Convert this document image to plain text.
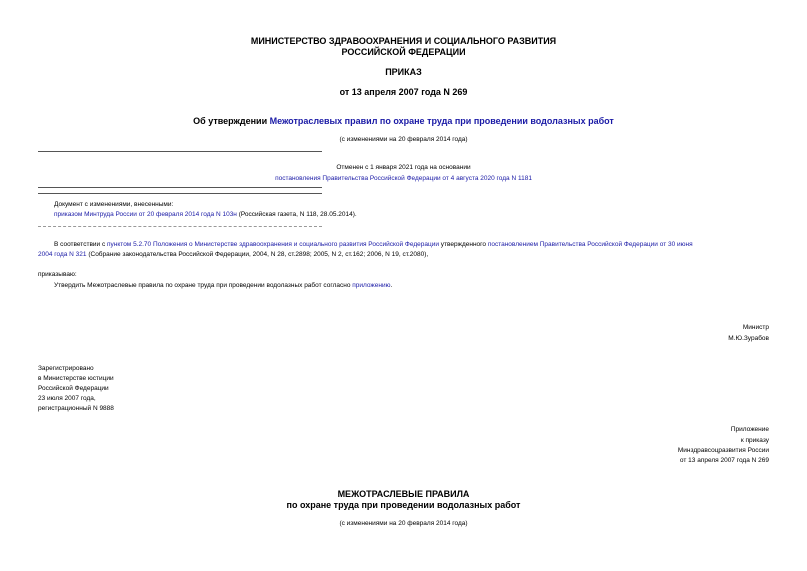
МИНИСТЕРСТВО ЗДРАВООХРАНЕНИЯ И СОЦИАЛЬНОГО РАЗВИТИЯ
РОССИЙСКОЙ ФЕДЕРАЦИИ
ПРИКАЗ
от 13 апреля 2007 года N 269
Об утверждении Межотраслевых правил по охране труда при проведении водолазных работ
(с изменениями на 20 февраля 2014 года)
Отменен с 1 января 2021 года на основании
постановления Правительства Российской Федерации от 4 августа 2020 года N 1181
Документ с изменениями, внесенными:
приказом Минтруда России от 20 февраля 2014 года N 103н (Российская газета, N 118, 28.05.2014).
В соответствии с пунктом 5.2.70 Положения о Министерстве здравоохранения и социального развития Российской Федерации утвержденного постановлением Правительства Российской Федерации от 30 июня
2004 года N 321 (Собрание законодательства Российской Федерации, 2004, N 28, ст.2898; 2005, N 2, ст.162; 2006, N 19, ст.2080),
приказываю:
Утвердить Межотраслевые правила по охране труда при проведении водолазных работ согласно приложению.
Министр
М.Ю.Зурабов
Зарегистрировано
в Министерстве юстиции
Российской Федерации
23 июля 2007 года,
регистрационный N 9888
Приложение
к приказу
Минздравсоцразвития России
от 13 апреля 2007 года N 269
МЕЖОТРАСЛЕВЫЕ ПРАВИЛА
по охране труда при проведении водолазных работ
(с изменениями на 20 февраля 2014 года)
